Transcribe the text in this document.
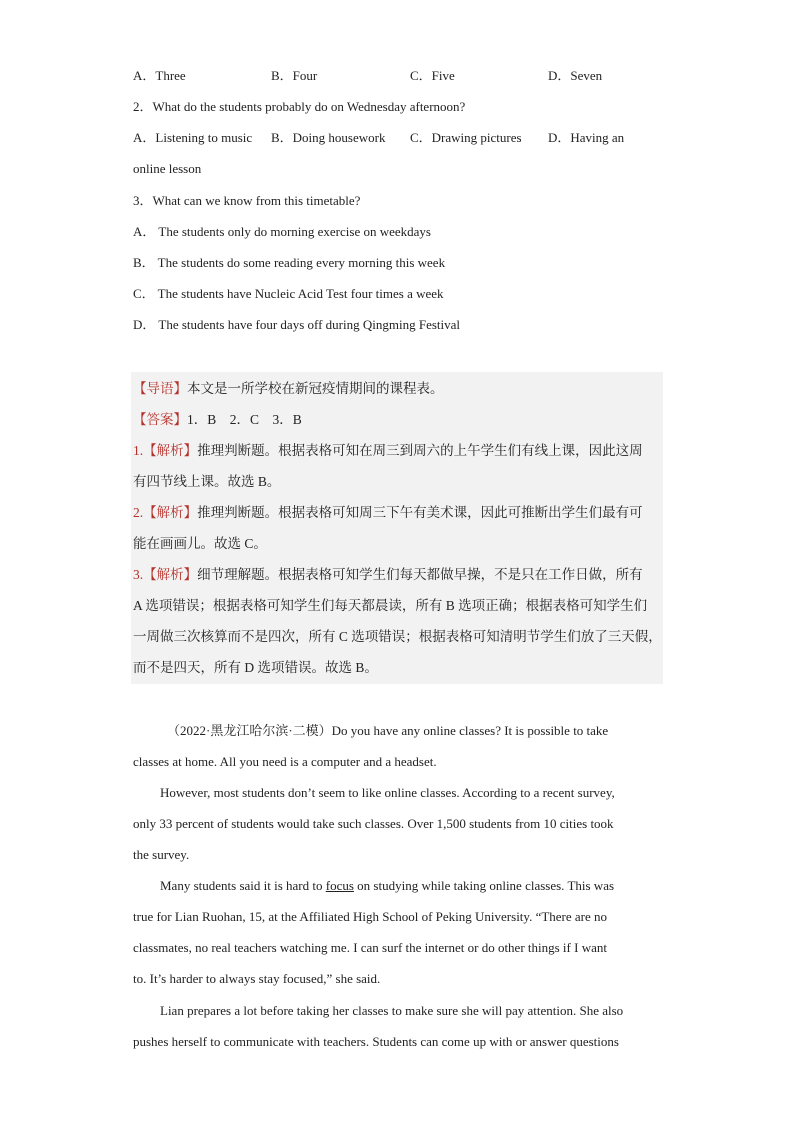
A．Three	B．Four	C．Five	D．Seven
2．What do the students probably do on Wednesday afternoon?
A．Listening to music B．Doing housework C．Drawing pictures D．Having an
online lesson
3．What can we know from this timetable?
A． The students only do morning exercise on weekdays
B． The students do some reading every morning this week
C． The students have Nucleic Acid Test four times a week
D． The students have four days off during Qingming Festival
【导语】本文是一所学校在新冠疫情期间的课程表。
【答案】1．B　2．C　3．B
1.【解析】推理判断题。根据表格可知在周三到周六的上午学生们有线上课，因此这周
有四节线上课。故选 B。
2.【解析】推理判断题。根据表格可知周三下午有美术课，因此可推断出学生们最有可
能在画画儿。故选 C。
3.【解析】细节理解题。根据表格可知学生们每天都做早操，不是只在工作日做，所有
A 选项错误；根据表格可知学生们每天都晨读，所有 B 选项正确；根据表格可知学生们
一周做三次核算而不是四次，所有 C 选项错误；根据表格可知清明节学生们放了三天假，
而不是四天，所有 D 选项错误。故选 B。
（2022·黑龙江哈尔滨·二模）Do you have any online classes? It is possible to take
classes at home. All you need is a computer and a headset.
However, most students don’t seem to like online classes. According to a recent survey,
only 33 percent of students would take such classes. Over 1,500 students from 10 cities took
the survey.
Many students said it is hard to focus on studying while taking online classes. This was
true for Lian Ruohan, 15, at the Affiliated High School of Peking University. “There are no
classmates, no real teachers watching me. I can surf the internet or do other things if I want
to. It’s harder to always stay focused,” she said.
Lian prepares a lot before taking her classes to make sure she will pay attention. She also
pushes herself to communicate with teachers. Students can come up with or answer questions
